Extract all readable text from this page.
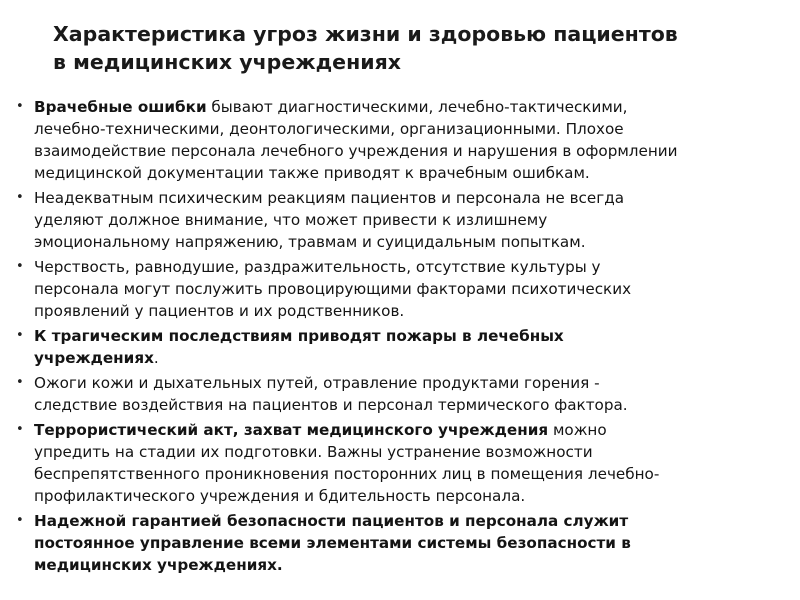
Характеристика угроз жизни и здоровью пациентов
в медицинских учреждениях
• Врачебные ошибки бывают диагностическими, лечебно-тактическими,
лечебно-техническими, деонтологическими, организационными. Плохое
взаимодействие персонала лечебного учреждения и нарушения в оформлении
медицинской документации также приводят к врачебным ошибкам.
• Неадекватным психическим реакциям пациентов и персонала не всегда
уделяют должное внимание, что может привести к излишнему
эмоциональному напряжению, травмам и суицидальным попыткам.
• Черствость, равнодушие, раздражительность, отсутствие культуры у
персонала могут послужить провоцирующими факторами психотических
проявлений у пациентов и их родственников.
• К трагическим последствиям приводят пожары в лечебных
учреждениях.
• Ожоги кожи и дыхательных путей, отравление продуктами горения -
следствие воздействия на пациентов и персонал термического фактора.
• Террористический акт, захват медицинского учреждения можно
упредить на стадии их подготовки. Важны устранение возможности
беспрепятственного проникновения посторонних лиц в помещения лечебно-
профилактического учреждения и бдительность персонала.
• Надежной гарантией безопасности пациентов и персонала служит
постоянное управление всеми элементами системы безопасности в
медицинских учреждениях.
